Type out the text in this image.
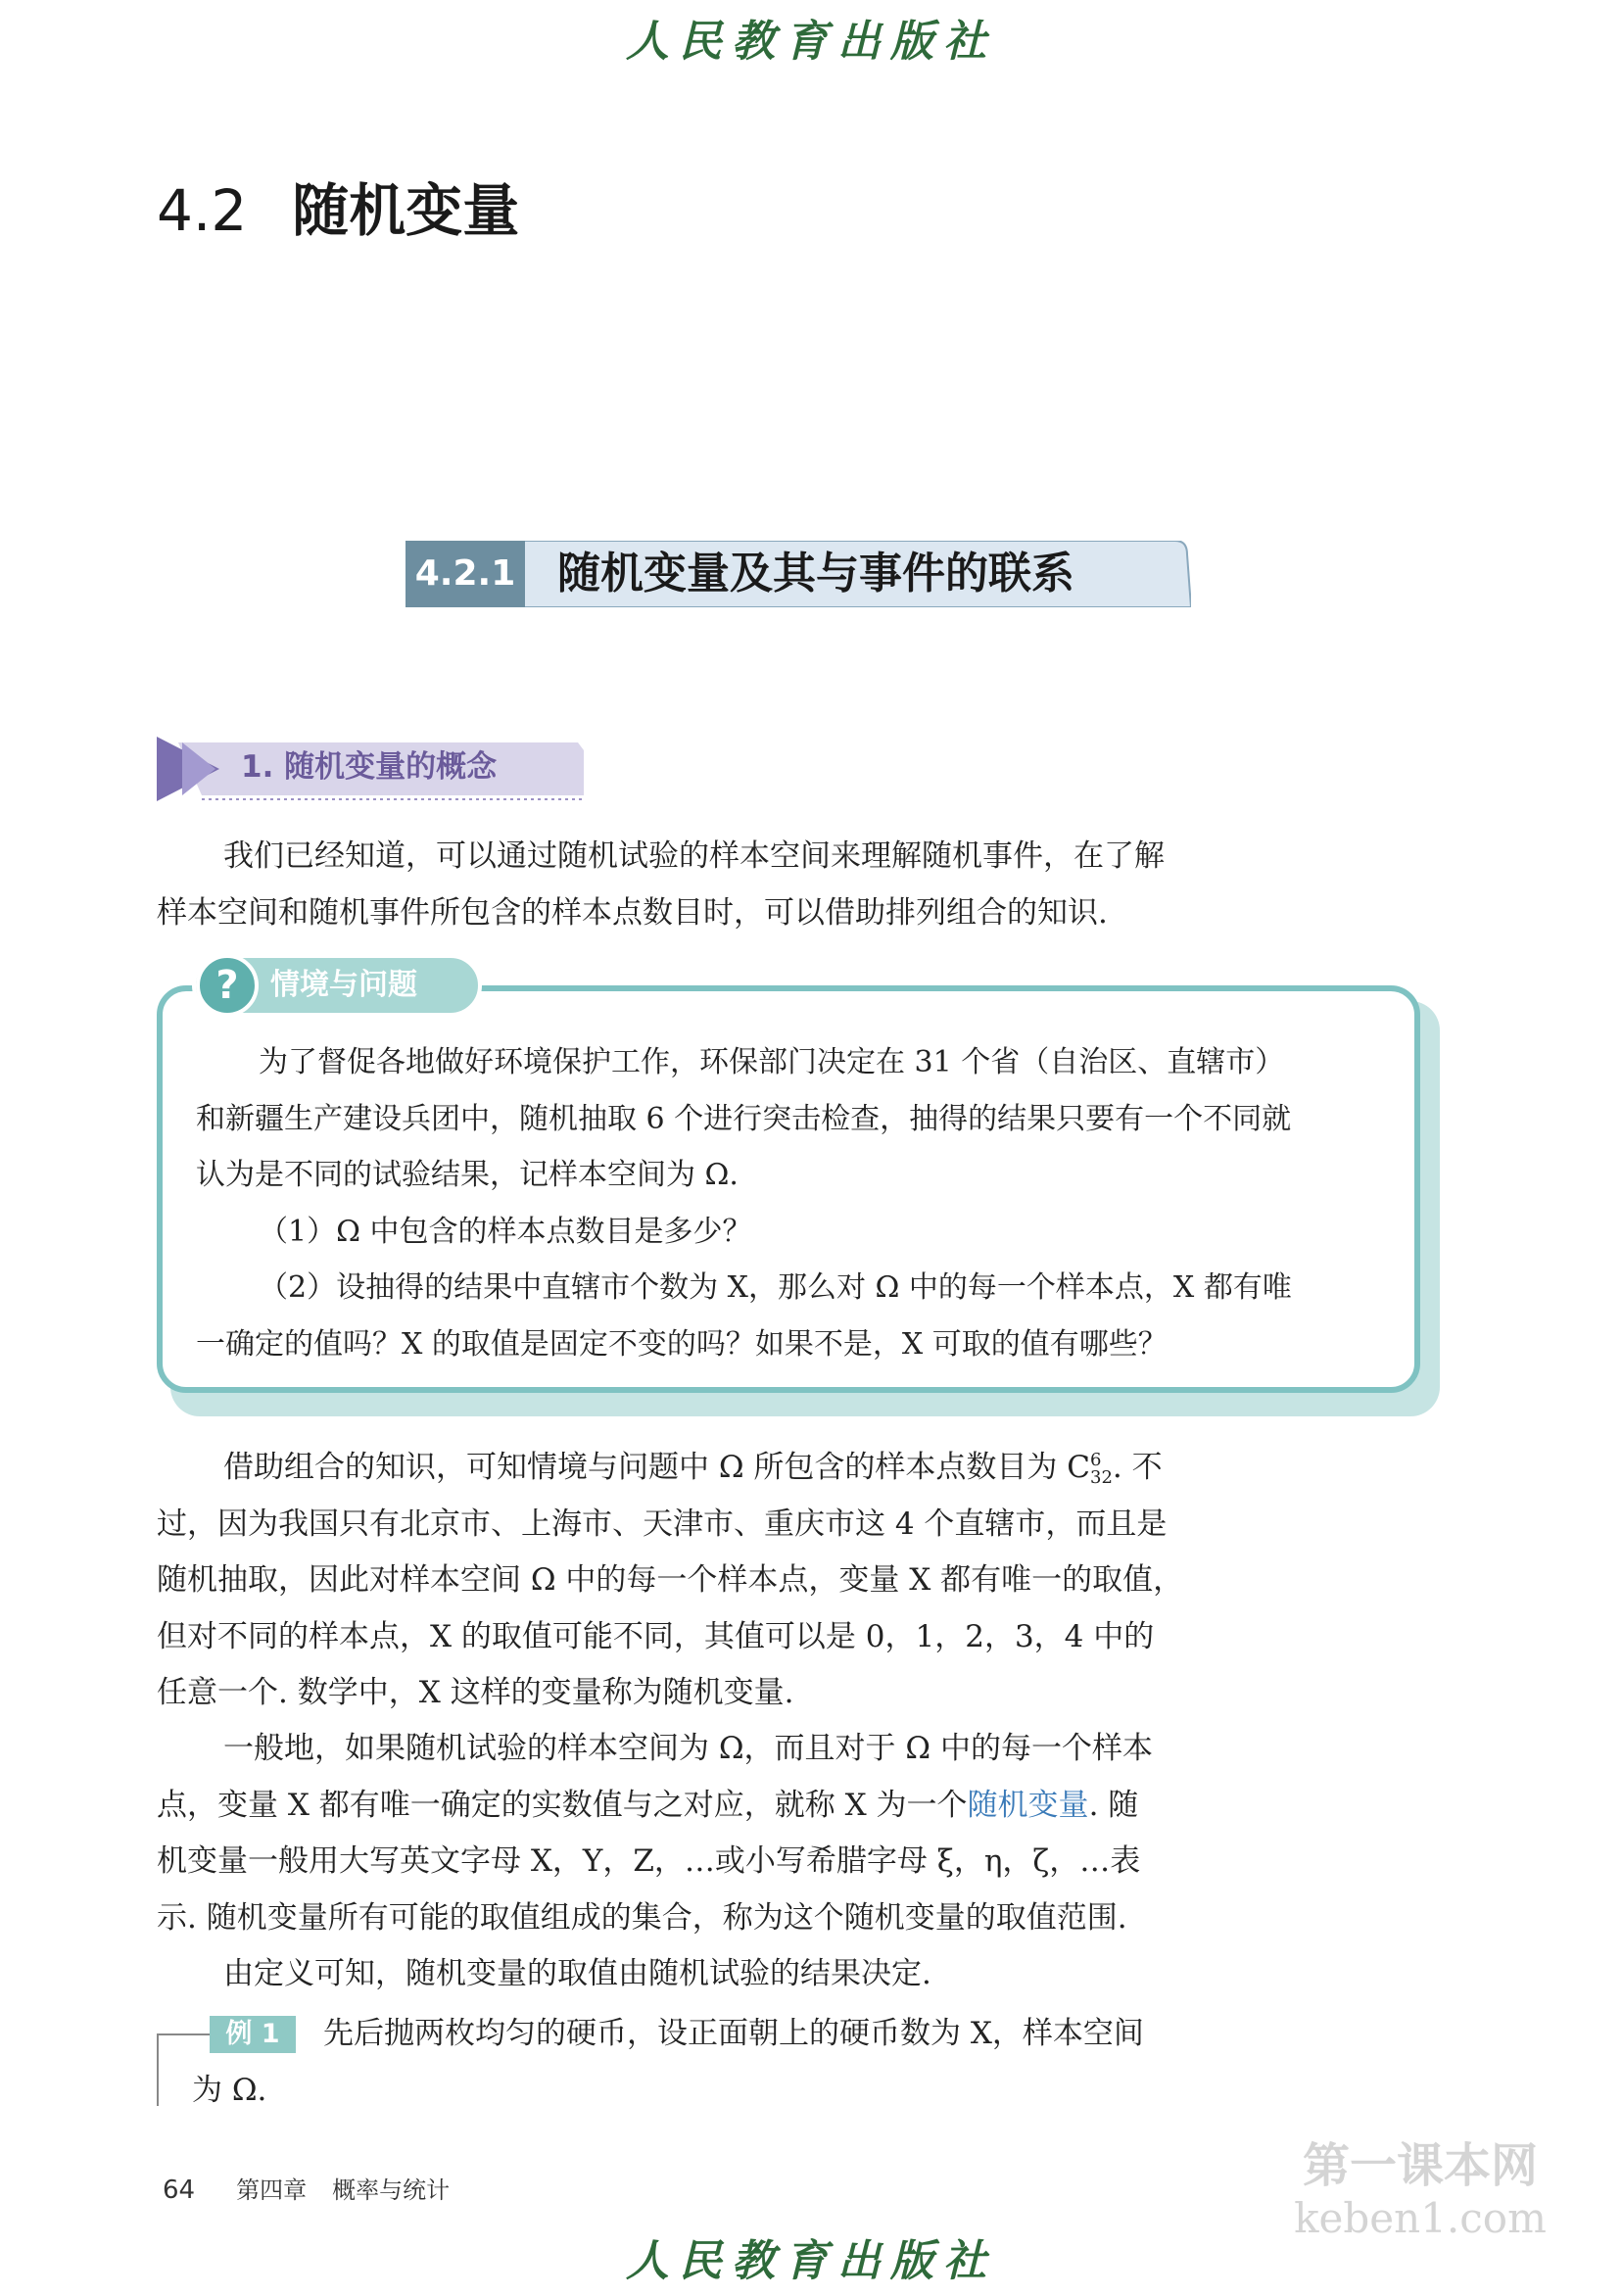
人民教育出版社
4.2 随机变量
4.2.1 随机变量及其与事件的联系
1. 随机变量的概念
我们已经知道，可以通过随机试验的样本空间来理解随机事件，在了解
样本空间和随机事件所包含的样本点数目时，可以借助排列组合的知识.
?	情境与问题
为了督促各地做好环境保护工作，环保部门决定在 31 个省（自治区、直辖市）
和新疆生产建设兵团中，随机抽取 6 个进行突击检查，抽得的结果只要有一个不同就
认为是不同的试验结果，记样本空间为 Ω.
（1）Ω 中包含的样本点数目是多少？
（2）设抽得的结果中直辖市个数为 X，那么对 Ω 中的每一个样本点，X 都有唯
一确定的值吗？X 的取值是固定不变的吗？如果不是，X 可取的值有哪些？
借助组合的知识，可知情境与问题中 Ω 所包含的样本点数目为 C 6
32 . 不
过，因为我国只有北京市、上海市、天津市、重庆市这 4 个直辖市，而且是
随机抽取，因此对样本空间 Ω 中的每一个样本点，变量 X 都有唯一的取值，
但对不同的样本点，X 的取值可能不同，其值可以是 0，1，2，3，4 中的
任意一个. 数学中，X 这样的变量称为随机变量.
一般地，如果随机试验的样本空间为 Ω，而且对于 Ω 中的每一个样本
点，变量 X 都有唯一确定的实数值与之对应，就称 X 为一个随机变量. 随
机变量一般用大写英文字母 X，Y，Z，…或小写希腊字母 ξ，η，ζ，…表
示. 随机变量所有可能的取值组成的集合，称为这个随机变量的取值范围.
由定义可知，随机变量的取值由随机试验的结果决定.
例 1	先后抛两枚均匀的硬币，设正面朝上的硬币数为 X，样本空间
为 Ω.
64 第四章 概率与统计	第一课本网
keben1.com
人民教育出版社
